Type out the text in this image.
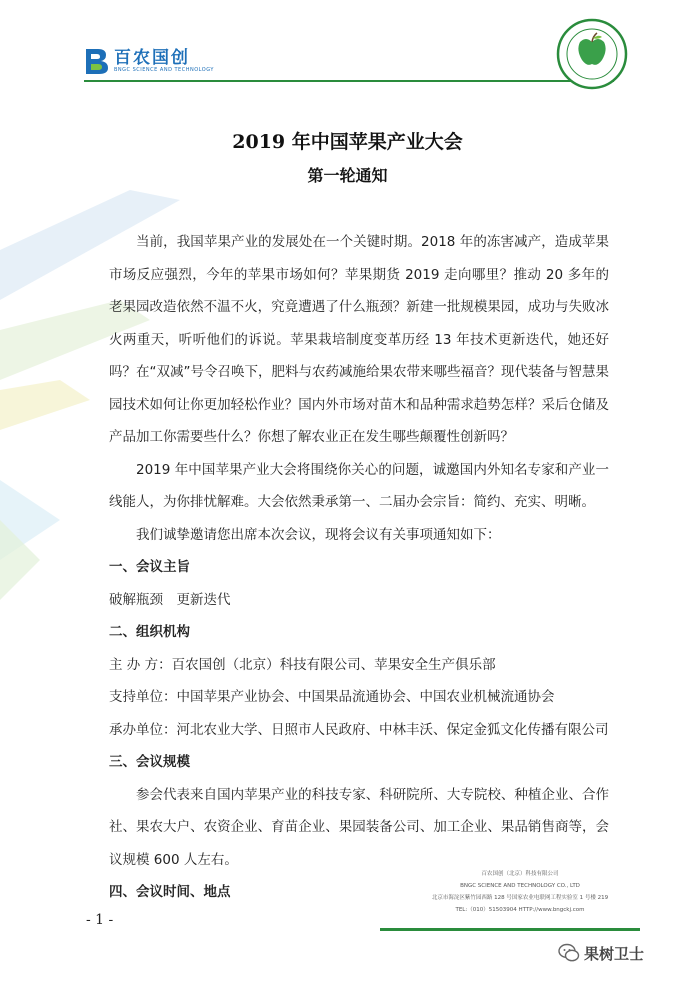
百农国创
BNGC SCIENCE AND TECHNOLOGY
2019 年中国苹果产业大会
第一轮通知

当前，我国苹果产业的发展处在一个关键时期。2018 年的冻害减产，造成苹果市场反应强烈，今年的苹果市场如何？苹果期货 2019 走向哪里？推动 20 多年的老果园改造依然不温不火，究竟遭遇了什么瓶颈？新建一批规模果园，成功与失败冰火两重天，听听他们的诉说。苹果栽培制度变革历经 13 年技术更新迭代，她还好吗？在“双减”号令召唤下，肥料与农药减施给果农带来哪些福音？现代装备与智慧果园技术如何让你更加轻松作业？国内外市场对苗木和品种需求趋势怎样？采后仓储及产品加工你需要些什么？你想了解农业正在发生哪些颠覆性创新吗？

2019 年中国苹果产业大会将围绕你关心的问题，诚邀国内外知名专家和产业一线能人，为你排忧解难。大会依然秉承第一、二届办会宗旨：简约、充实、明晰。

我们诚挚邀请您出席本次会议，现将会议有关事项通知如下：

一、会议主旨

破解瓶颈　更新迭代

二、组织机构

主 办 方：百农国创（北京）科技有限公司、苹果安全生产俱乐部

支持单位：中国苹果产业协会、中国果品流通协会、中国农业机械流通协会

承办单位：河北农业大学、日照市人民政府、中林丰沃、保定金狐文化传播有限公司

三、会议规模

参会代表来自国内苹果产业的科技专家、科研院所、大专院校、种植企业、合作社、果农大户、农资企业、育苗企业、果园装备公司、加工企业、果品销售商等，会议规模 600 人左右。

四、会议时间、地点

百农国创（北京）科技有限公司
BNGC SCIENCE AND TECHNOLOGY CO., LTD
北京市海淀区紫竹园西路 128 号国家农业电联网工程实验室 1 号楼 219
TEL:（010）51503904 HTTP://www.bngckj.com
- 1 -
果树卫士
